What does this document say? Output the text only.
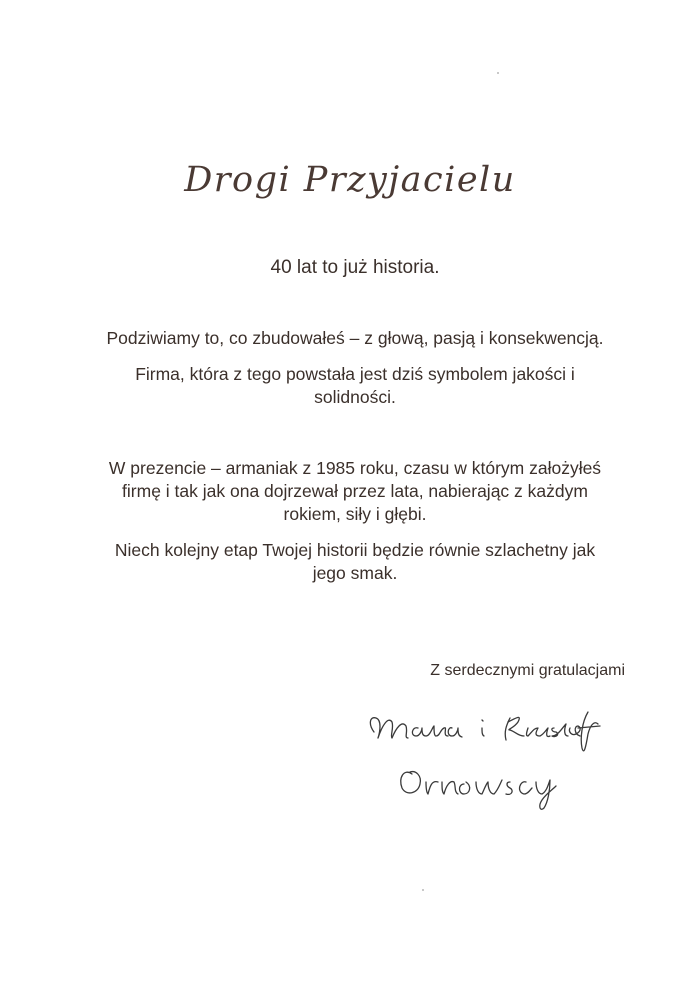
Drogi Przyjacielu
40 lat to już historia.
Podziwiamy to, co zbudowałeś – z głową, pasją i konsekwencją.
Firma, która z tego powstała jest dziś symbolem jakości i
solidności.
W prezencie – armaniak z 1985 roku, czasu w którym założyłeś
firmę i tak jak ona dojrzewał przez lata, nabierając z każdym
rokiem, siły i głębi.
Niech kolejny etap Twojej historii będzie równie szlachetny jak
jego smak.
Z serdecznymi gratulacjami
